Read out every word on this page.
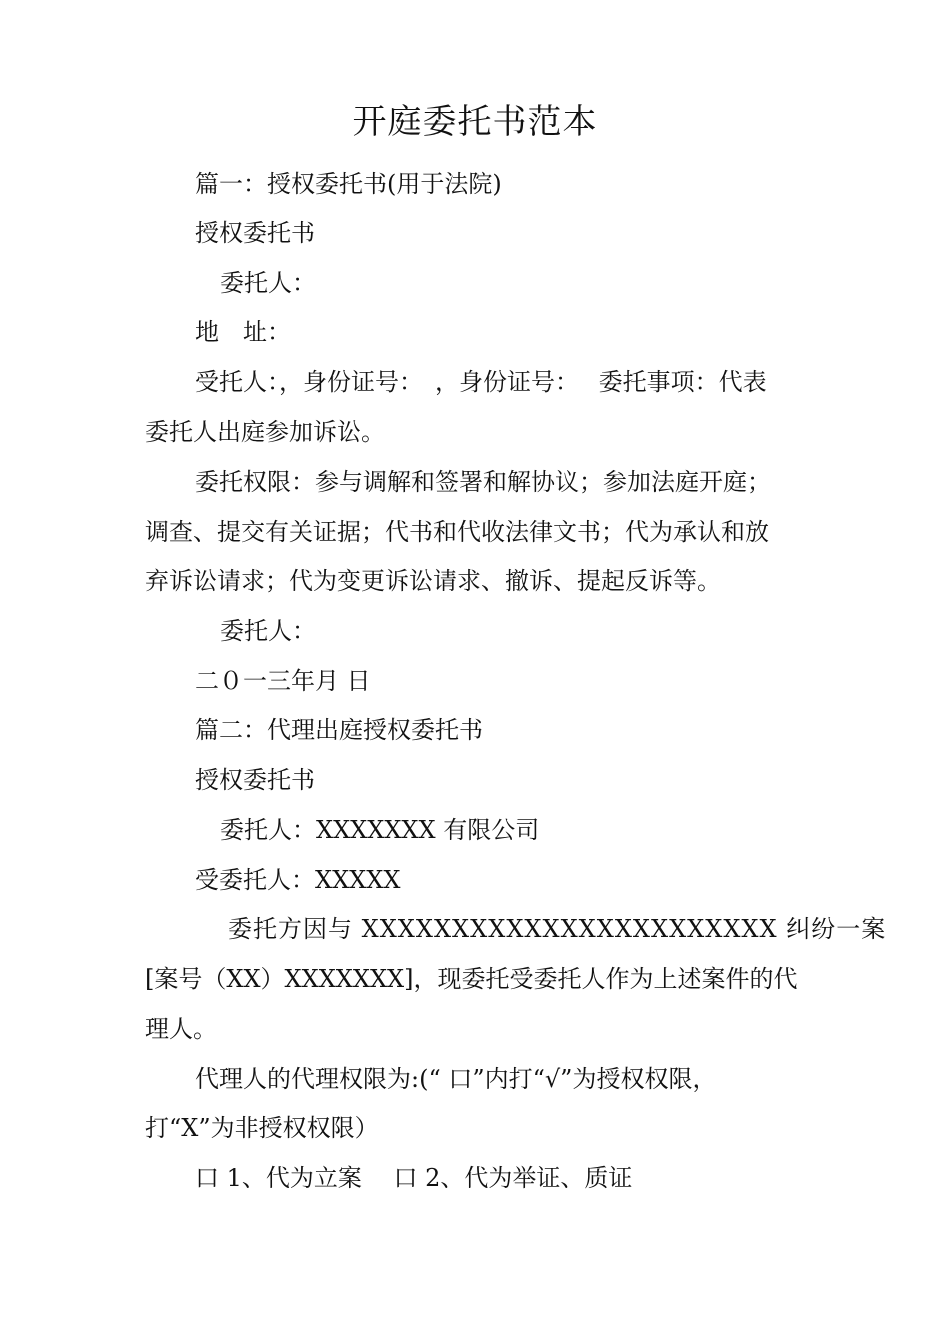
开庭委托书范本
篇一：授权委托书(用于法院)
授权委托书
委托人：
地　址：
受托人：，身份证号：　，身份证号：　 委托事项：代表
委托人出庭参加诉讼。
委托权限：参与调解和签署和解协议；参加法庭开庭；
调查、提交有关证据；代书和代收法律文书；代为承认和放
弃诉讼请求；代为变更诉讼请求、撤诉、提起反诉等。
委托人：
二０一三年月 日
篇二：代理出庭授权委托书
授权委托书
委托人：XXXXXXX 有限公司
受委托人：XXXXX
委托方因与 XXXXXXXXXXXXXXXXXXXXXXX 纠纷一案
[案号（XX）XXXXXXX]，现委托受委托人作为上述案件的代
理人。
代理人的代理权限为:(“ 口”内打“√”为授权权限，
打“X”为非授权权限）
口 1、代为立案　 口 2、代为举证、质证
